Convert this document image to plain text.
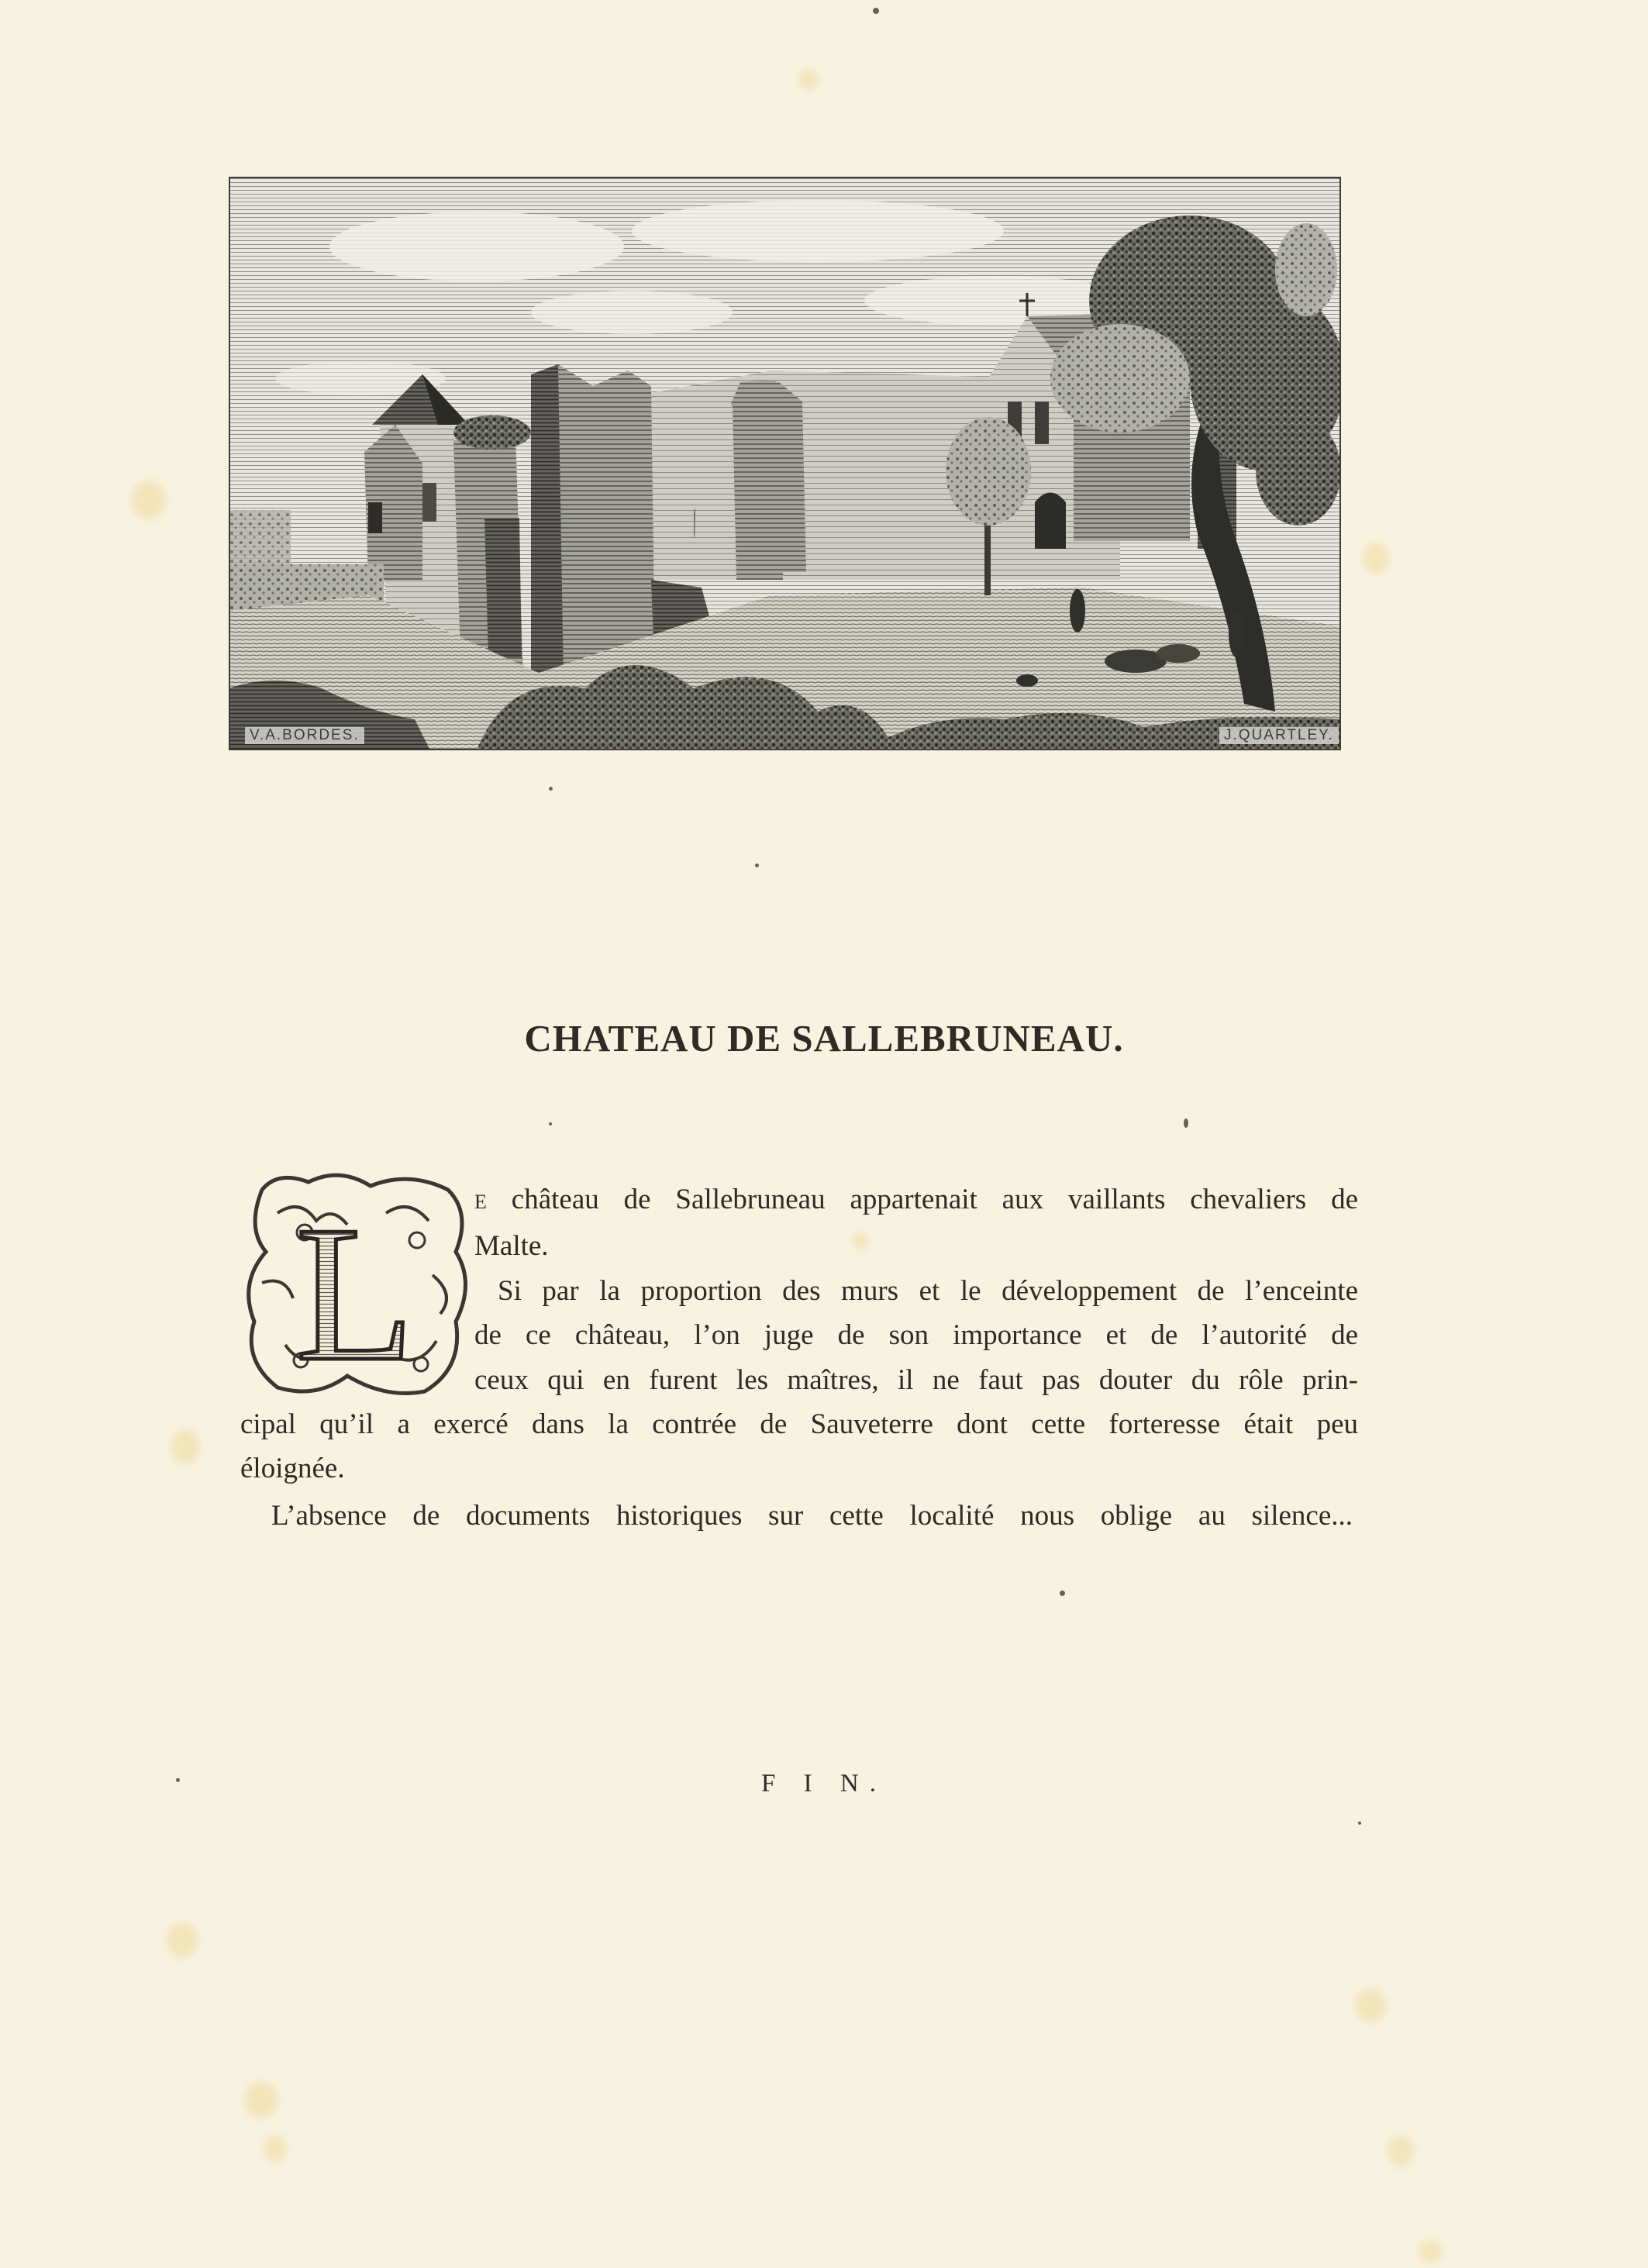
V.A.BORDES.	J.QUARTLEY.
CHATEAU DE SALLEBRUNEAU.
L e château de Sallebruneau appartenait aux vaillants chevaliers de

Malte.

Si par la proportion des murs et le développement de l’enceinte

de ce château, l’on juge de son importance et de l’autorité de

ceux qui en furent les maîtres, il ne faut pas douter du rôle prin-

cipal qu’il a exercé dans la contrée de Sauveterre dont cette forteresse était peu

éloignée.

L’absence de documents historiques sur cette localité nous oblige au silence...

F I N.
